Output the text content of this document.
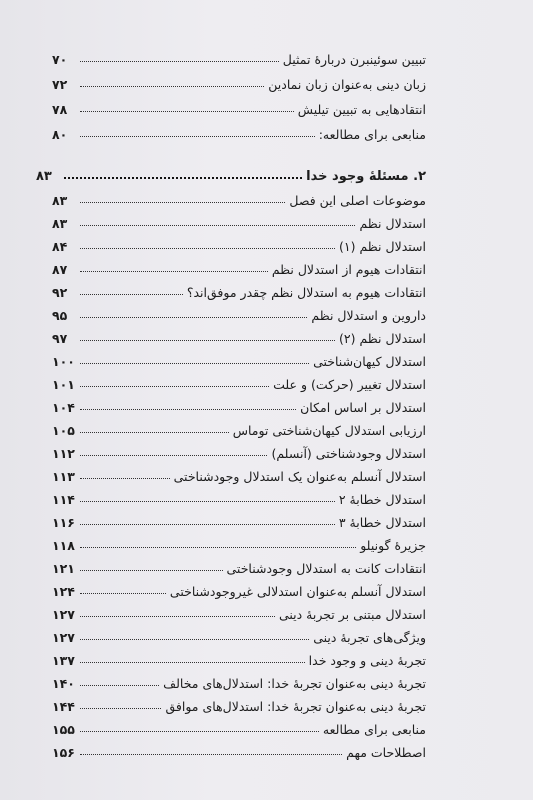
تبیین سوئینبرن دربارهٔ تمثیل
۷۰
زبان دینی به‌عنوان زبان نمادین
۷۲
انتقادهایی به تبیین تیلیش
۷۸
منابعی برای مطالعه:
۸۰
۲. مسئلهٔ وجود خدا
۸۳
موضوعات اصلی این فصل
۸۳
استدلال نظم
۸۳
استدلال نظم (۱)
۸۴
انتقادات هیوم از استدلال نظم
۸۷
انتقادات هیوم به استدلال نظم چقدر موفق‌اند؟
۹۲
داروین و استدلال نظم
۹۵
استدلال نظم (۲)
۹۷
استدلال کیهان‌شناختی
۱۰۰
استدلال تغییر (حرکت) و علت
۱۰۱
استدلال بر اساس امکان
۱۰۴
ارزیابی استدلال کیهان‌شناختی توماس
۱۰۵
استدلال وجودشناختی (آنسلم)
۱۱۲
استدلال آنسلم به‌عنوان یک استدلال وجودشناختی
۱۱۳
استدلال خطابهٔ ۲
۱۱۴
استدلال خطابهٔ ۳
۱۱۶
جزیرهٔ گونیلو
۱۱۸
انتقادات کانت به استدلال وجودشناختی
۱۲۱
استدلال آنسلم به‌عنوان استدلالی غیروجودشناختی
۱۲۴
استدلال مبتنی بر تجربهٔ دینی
۱۲۷
ویژگی‌های تجربهٔ دینی
۱۲۷
تجربهٔ دینی و وجود خدا
۱۳۷
تجربهٔ دینی به‌عنوان تجربهٔ خدا: استدلال‌های مخالف
۱۴۰
تجربهٔ دینی به‌عنوان تجربهٔ خدا: استدلال‌های موافق
۱۴۴
منابعی برای مطالعه
۱۵۵
اصطلاحات مهم
۱۵۶
